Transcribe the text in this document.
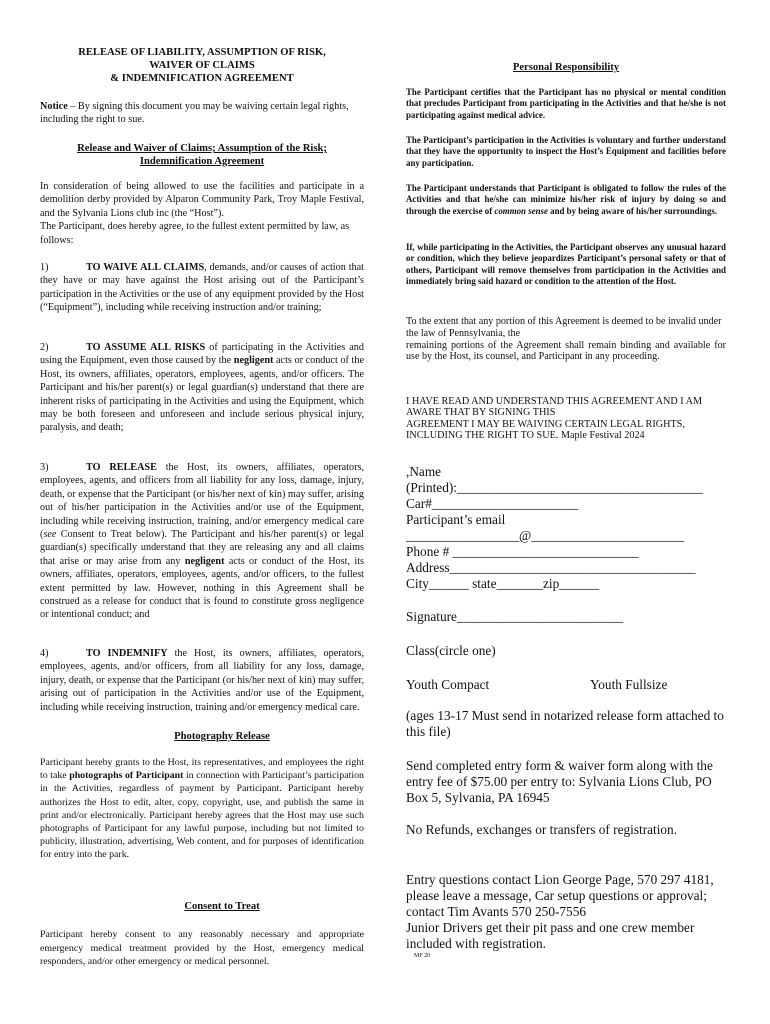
RELEASE OF LIABILITY, ASSUMPTION OF RISK,
WAIVER OF CLAIMS
& INDEMNIFICATION AGREEMENT
Notice – By signing this document you may be waiving certain legal rights, including the right to sue.
Release and Waiver of Claims; Assumption of the Risk;
Indemnification Agreement
In consideration of being allowed to use the facilities and participate in a demolition derby provided by Alparon Community Park, Troy Maple Festival, and the Sylvania Lions club inc (the “Host”).
The Participant, does hereby agree, to the fullest extent permitted by law, as follows:
1)	TO WAIVE ALL CLAIMS, demands, and/or causes of action that they have or may have against the Host arising out of the Participant’s participation in the Activities or the use of any equipment provided by the Host (“Equipment”), including while receiving instruction and/or training;
2)	TO ASSUME ALL RISKS of participating in the Activities and using the Equipment, even those caused by the negligent acts or conduct of the Host, its owners, affiliates, operators, employees, agents, and/or officers. The Participant and his/her parent(s) or legal guardian(s) understand that there are inherent risks of participating in the Activities and using the Equipment, which may be both foreseen and unforeseen and include serious physical injury, paralysis, and death;
3)	TO RELEASE the Host, its owners, affiliates, operators, employees, agents, and officers from all liability for any loss, damage, injury, death, or expense that the Participant (or his/her next of kin) may suffer, arising out of his/her participation in the Activities and/or use of the Equipment, including while receiving instruction, training, and/or emergency medical care (see Consent to Treat below). The Participant and his/her parent(s) or legal guardian(s) specifically understand that they are releasing any and all claims that arise or may arise from any negligent acts or conduct of the Host, its owners, affiliates, operators, employees, agents, and/or officers, to the fullest extent permitted by law. However, nothing in this Agreement shall be construed as a release for conduct that is found to constitute gross negligence or intentional conduct; and
4)	TO INDEMNIFY the Host, its owners, affiliates, operators, employees, agents, and/or officers, from all liability for any loss, damage, injury, death, or expense that the Participant (or his/her next of kin) may suffer, arising out of participation in the Activities and/or use of the Equipment, including while receiving instruction, training and/or emergency medical care.
Photography Release
Participant hereby grants to the Host, its representatives, and employees the right to take photographs of Participant in connection with Participant’s participation in the Activities, regardless of payment by Participant. Participant hereby authorizes the Host to edit, alter, copy, copyright, use, and publish the same in print and/or electronically. Participant hereby agrees that the Host may use such photographs of Participant for any lawful purpose, including but not limited to publicity, illustration, advertising, Web content, and for purposes of identification for entry into the park.
Consent to Treat
Participant hereby consent to any reasonably necessary and appropriate emergency medical treatment provided by the Host, emergency medical responders, and/or other emergency or medical personnel.
Personal Responsibility
The Participant certifies that the Participant has no physical or mental condition that precludes Participant from participating in the Activities and that he/she is not participating against medical advice.
The Participant’s participation in the Activities is voluntary and further understand that they have the opportunity to inspect the Host’s Equipment and facilities before any participation.
The Participant understands that Participant is obligated to follow the rules of the Activities and that he/she can minimize his/her risk of injury by doing so and through the exercise of common sense and by being aware of his/her surroundings.
If, while participating in the Activities, the Participant observes any unusual hazard or condition, which they believe jeopardizes Participant’s personal safety or that of others, Participant will remove themselves from participation in the Activities and immediately bring said hazard or condition to the attention of the Host.
To the extent that any portion of this Agreement is deemed to be invalid under the law of Pennsylvania, the
remaining portions of the Agreement shall remain binding and available for use by the Host, its counsel, and Participant in any proceeding.
I HAVE READ AND UNDERSTAND THIS AGREEMENT AND I AM AWARE THAT BY SIGNING THIS
AGREEMENT I MAY BE WAIVING CERTAIN LEGAL RIGHTS, INCLUDING THE RIGHT TO SUE. Maple Festival 2024
,Name
(Printed):_____________________________________
Car#______________________
Participant’s email
_________________@_______________________
Phone # ____________________________
Address_____________________________________
City______ state_______zip______
Signature_________________________
Class(circle one)
Youth Compact	Youth Fullsize
(ages 13-17 Must send in notarized release form attached to this file)
Send completed entry form & waiver form along with the entry fee of $75.00 per entry to: Sylvania Lions Club, PO Box 5, Sylvania, PA 16945
No Refunds, exchanges or transfers of registration.
Entry questions contact Lion George Page, 570 297 4181, please leave a message, Car setup questions or approval; contact Tim Avants 570 250-7556
Junior Drivers get their pit pass and one crew member included with registration.
MF 20
